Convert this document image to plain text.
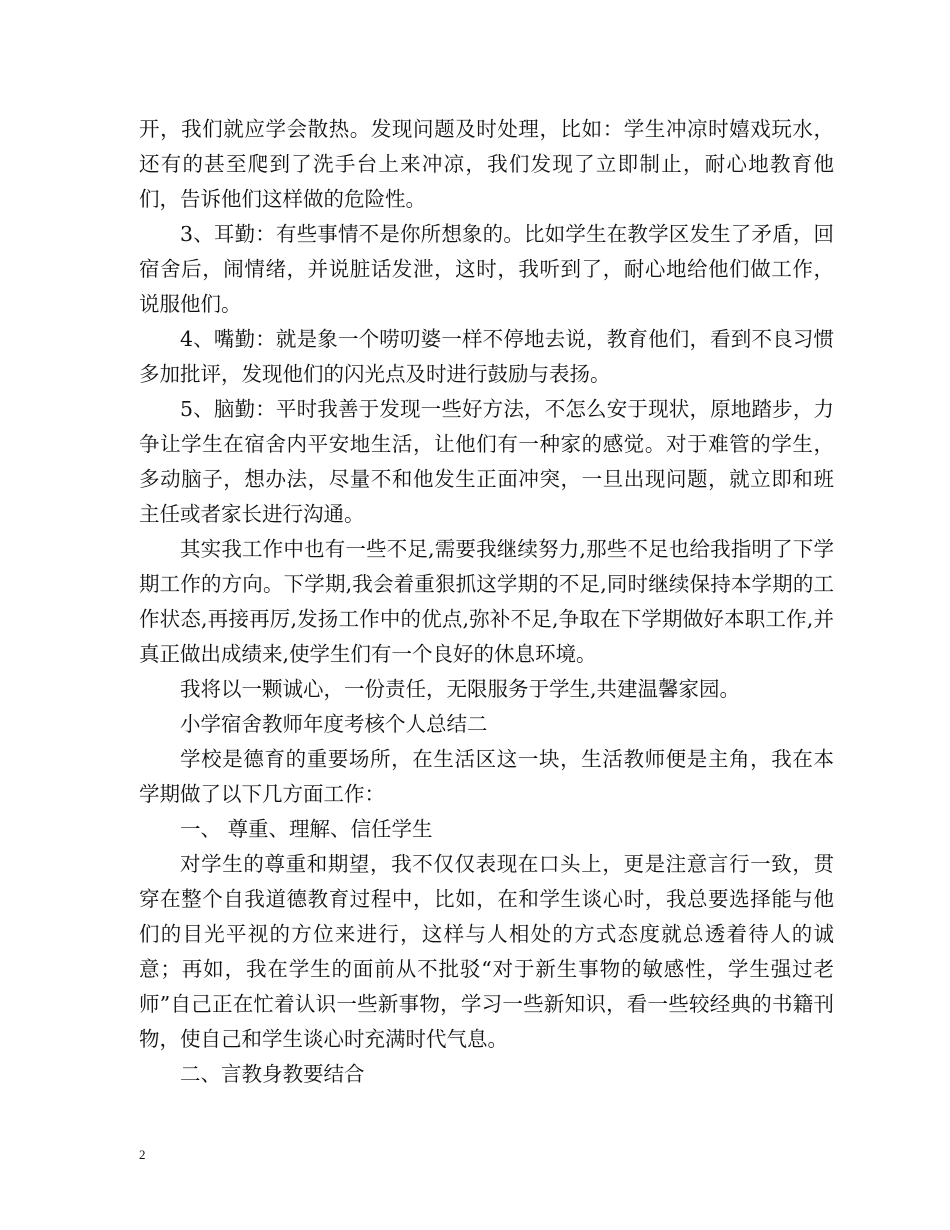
开，我们就应学会散热。发现问题及时处理，比如：学生冲凉时嬉戏玩水，还有的甚至爬到了洗手台上来冲凉，我们发现了立即制止，耐心地教育他们，告诉他们这样做的危险性。

3、耳勤：有些事情不是你所想象的。比如学生在教学区发生了矛盾，回宿舍后，闹情绪，并说脏话发泄，这时，我听到了，耐心地给他们做工作，说服他们。

4、嘴勤：就是象一个唠叨婆一样不停地去说，教育他们，看到不良习惯多加批评，发现他们的闪光点及时进行鼓励与表扬。

5、脑勤：平时我善于发现一些好方法，不怎么安于现状，原地踏步，力争让学生在宿舍内平安地生活，让他们有一种家的感觉。对于难管的学生，多动脑子，想办法，尽量不和他发生正面冲突，一旦出现问题，就立即和班主任或者家长进行沟通。

其实我工作中也有一些不足,需要我继续努力,那些不足也给我指明了下学期工作的方向。下学期,我会着重狠抓这学期的不足,同时继续保持本学期的工作状态,再接再厉,发扬工作中的优点,弥补不足,争取在下学期做好本职工作,并真正做出成绩来,使学生们有一个良好的休息环境。

我将以一颗诚心，一份责任，无限服务于学生,共建温馨家园。

小学宿舍教师年度考核个人总结二

学校是德育的重要场所，在生活区这一块，生活教师便是主角，我在本学期做了以下几方面工作：

一、 尊重、理解、信任学生

对学生的尊重和期望，我不仅仅表现在口头上，更是注意言行一致，贯穿在整个自我道德教育过程中，比如，在和学生谈心时，我总要选择能与他们的目光平视的方位来进行，这样与人相处的方式态度就总透着待人的诚意；再如，我在学生的面前从不批驳“对于新生事物的敏感性，学生强过老师”自己正在忙着认识一些新事物，学习一些新知识，看一些较经典的书籍刊物，使自己和学生谈心时充满时代气息。

二、言教身教要结合

2
